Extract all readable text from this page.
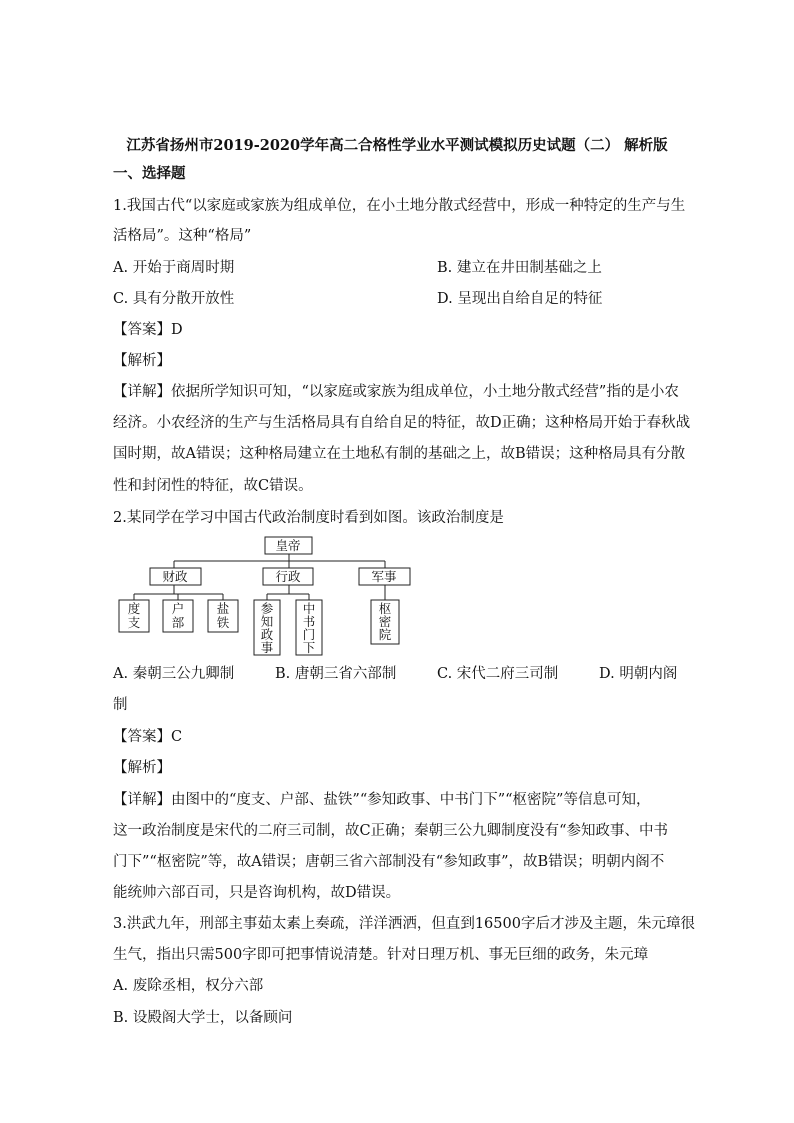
江苏省扬州市2019-2020学年高二合格性学业水平测试模拟历史试题（二） 解析版
一、选择题
1.我国古代“以家庭或家族为组成单位，在小土地分散式经营中，形成一种特定的生产与生
活格局”。这种“格局”
A. 开始于商周时期	B. 建立在井田制基础之上
C. 具有分散开放性	D. 呈现出自给自足的特征
【答案】D
【解析】
【详解】依据所学知识可知，“以家庭或家族为组成单位，小土地分散式经营”指的是小农
经济。小农经济的生产与生活格局具有自给自足的特征，故D正确；这种格局开始于春秋战
国时期，故A错误；这种格局建立在土地私有制的基础之上，故B错误；这种格局具有分散
性和封闭性的特征，故C错误。
2.某同学在学习中国古代政治制度时看到如图。该政治制度是
皇帝
财政	行政	军事
度
支
户
部
盐
铁
参
知
政
事
中
书
门
下
枢
密
院
A. 秦朝三公九卿制	B. 唐朝三省六部制	C. 宋代二府三司制	D. 明朝内阁
制
【答案】C
【解析】
【详解】由图中的“度支、户部、盐铁”“参知政事、中书门下”“枢密院”等信息可知，
这一政治制度是宋代的二府三司制，故C正确；秦朝三公九卿制度没有“参知政事、中书
门下”“枢密院”等，故A错误；唐朝三省六部制没有“参知政事”，故B错误；明朝内阁不
能统帅六部百司，只是咨询机构，故D错误。
3.洪武九年，刑部主事茹太素上奏疏，洋洋洒洒，但直到16500字后才涉及主题，朱元璋很
生气，指出只需500字即可把事情说清楚。针对日理万机、事无巨细的政务，朱元璋
A. 废除丞相，权分六部
B. 设殿阁大学士，以备顾问
